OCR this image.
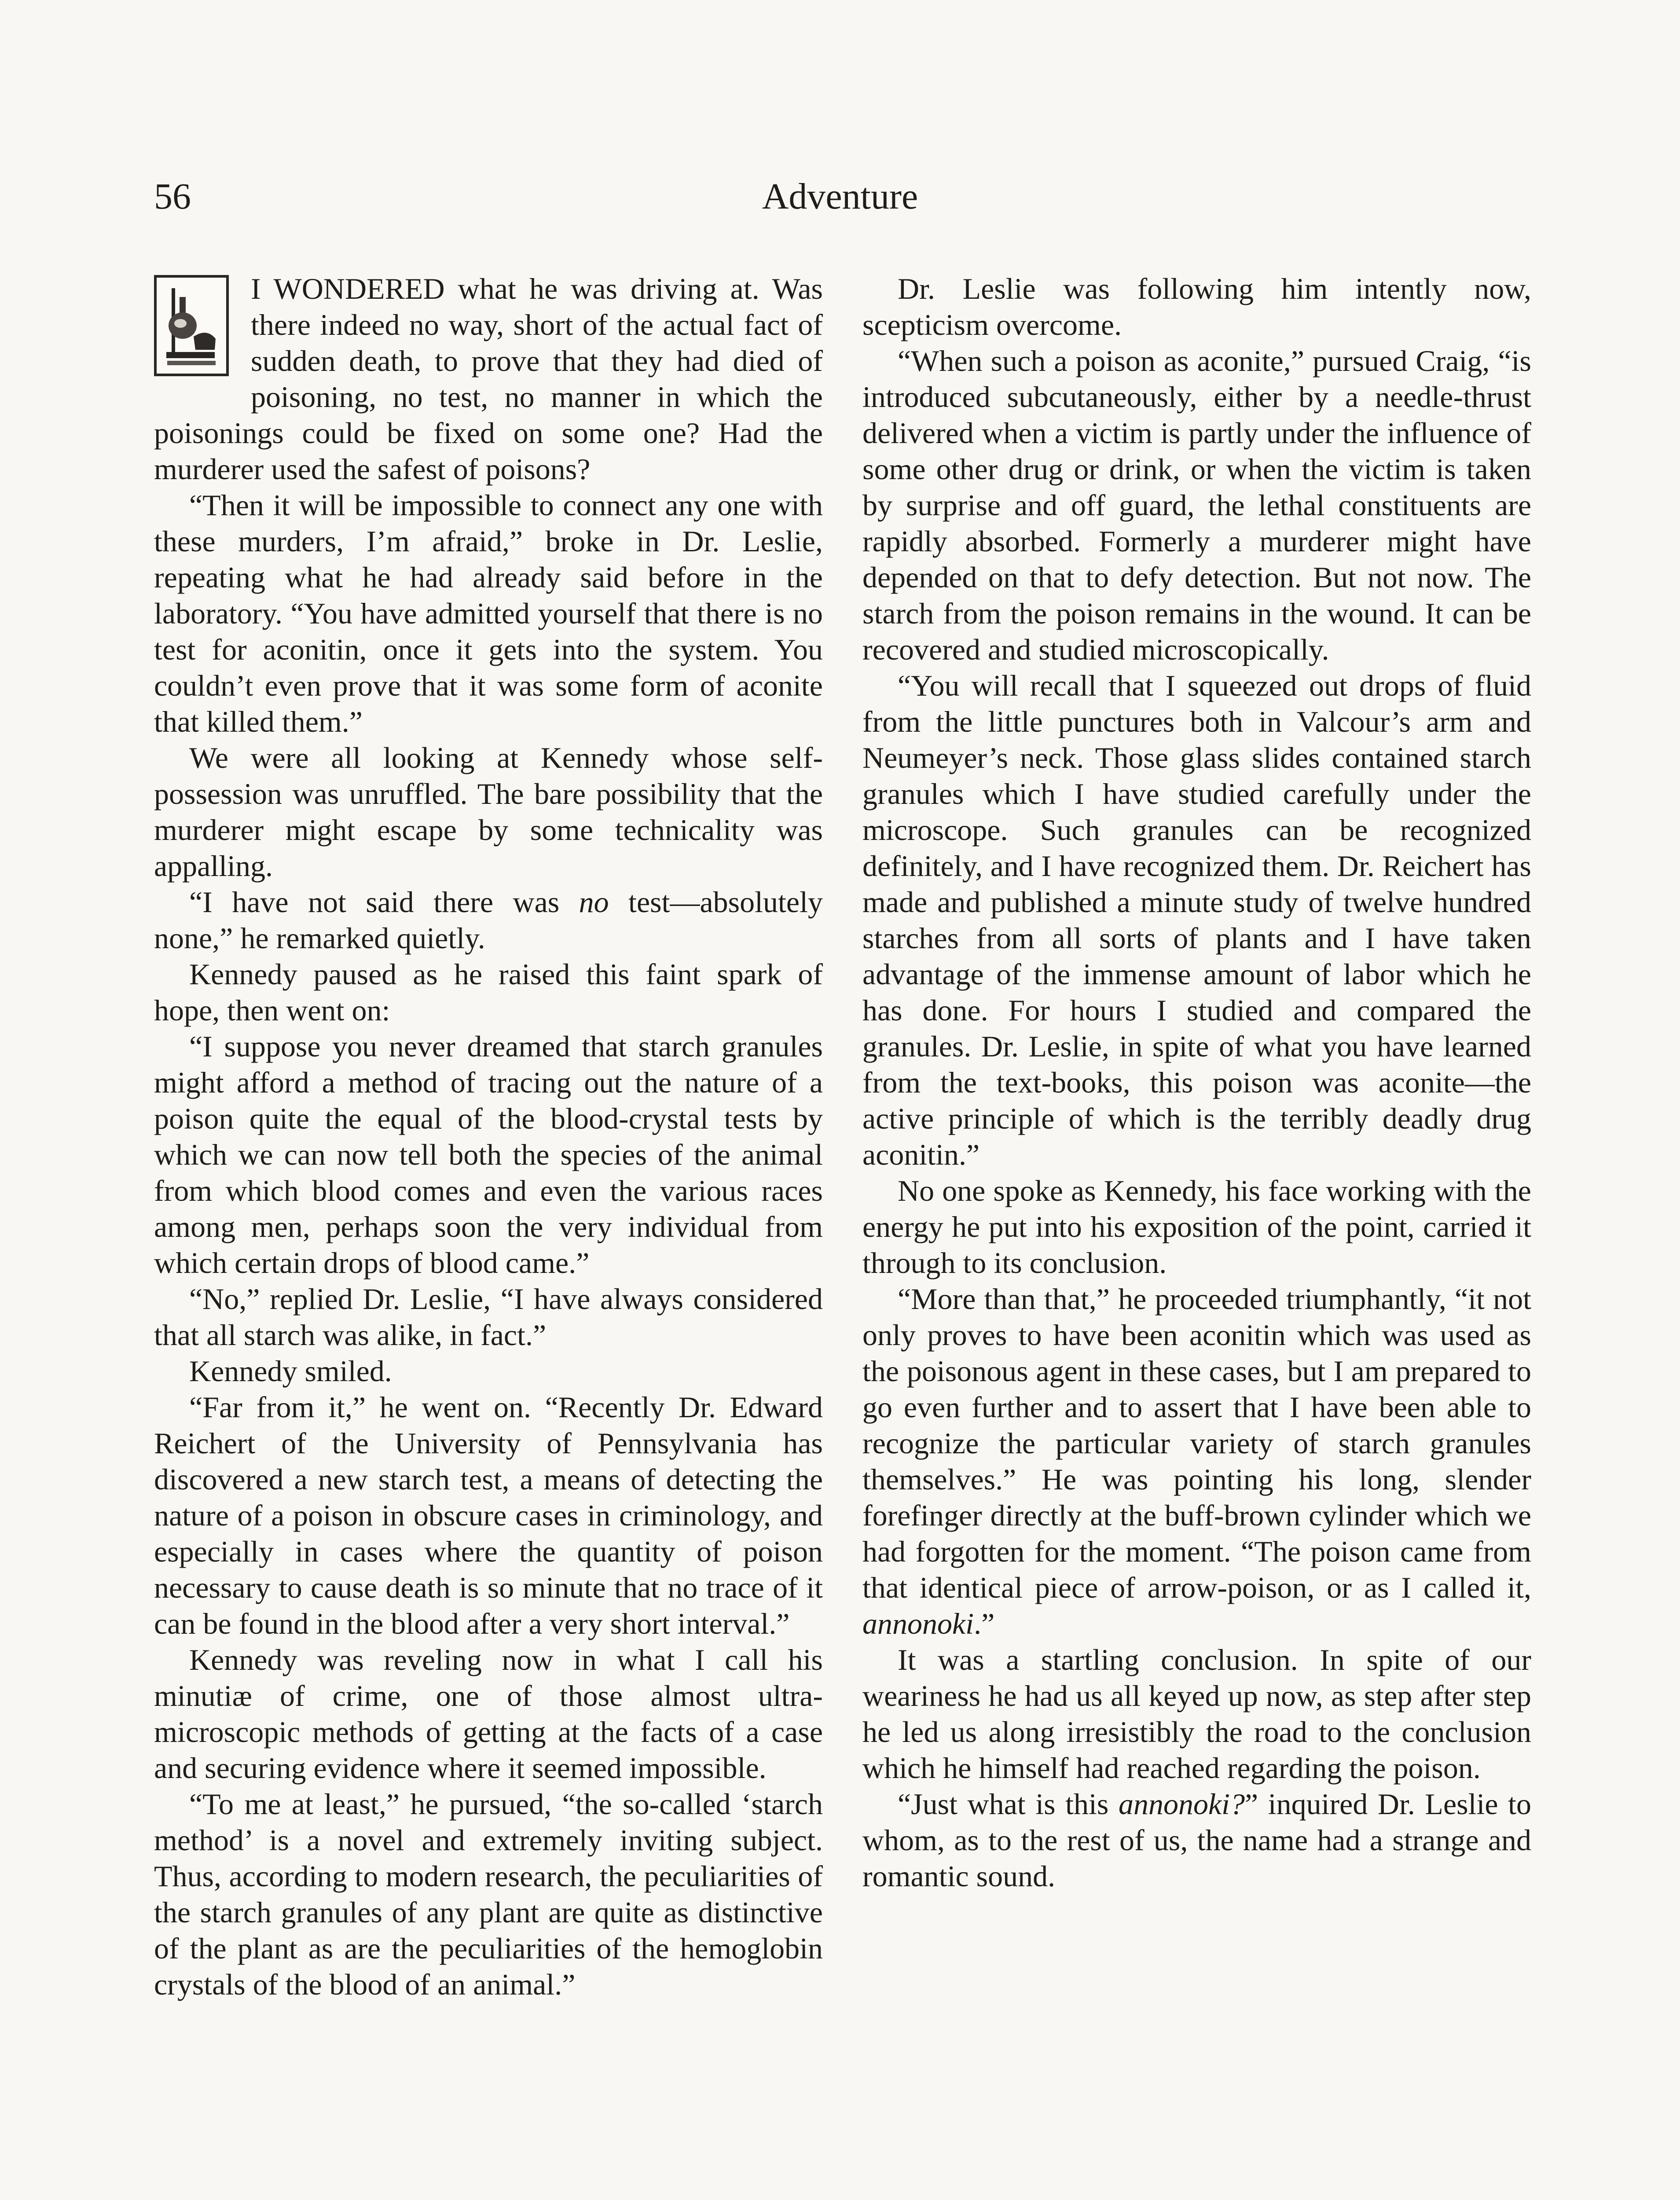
56	Adventure

I WONDERED what he was driving at. Was there indeed no way, short of the actual fact of sudden death, to prove that they had died of poisoning, no test, no manner in which the poisonings could be fixed on some one? Had the murderer used the safest of poisons?

“Then it will be impossible to connect any one with these murders, I’m afraid,” broke in Dr. Leslie, repeating what he had already said before in the laboratory. “You have admitted yourself that there is no test for aconitin, once it gets into the system. You couldn’t even prove that it was some form of aconite that killed them.”

We were all looking at Kennedy whose self-possession was unruffled. The bare possibility that the murderer might escape by some technicality was appalling.

“I have not said there was no test—absolutely none,” he remarked quietly.

Kennedy paused as he raised this faint spark of hope, then went on:

“I suppose you never dreamed that starch granules might afford a method of tracing out the nature of a poison quite the equal of the blood-crystal tests by which we can now tell both the species of the animal from which blood comes and even the various races among men, perhaps soon the very individual from which certain drops of blood came.”

“No,” replied Dr. Leslie, “I have always considered that all starch was alike, in fact.”

Kennedy smiled.

“Far from it,” he went on. “Recently Dr. Edward Reichert of the University of Pennsylvania has discovered a new starch test, a means of detecting the nature of a poison in obscure cases in criminology, and especially in cases where the quantity of poison necessary to cause death is so minute that no trace of it can be found in the blood after a very short interval.”

Kennedy was reveling now in what I call his minutiæ of crime, one of those almost ultra-microscopic methods of getting at the facts of a case and securing evidence where it seemed impossible.

“To me at least,” he pursued, “the so-called ‘starch method’ is a novel and extremely inviting subject. Thus, according to modern research, the peculiarities of the starch granules of any plant are quite as distinctive of the plant as are the peculiarities of the hemoglobin crystals of the blood of an animal.”

Dr. Leslie was following him intently now, scepticism overcome.

“When such a poison as aconite,” pursued Craig, “is introduced subcutaneously, either by a needle-thrust delivered when a victim is partly under the influence of some other drug or drink, or when the victim is taken by surprise and off guard, the lethal constituents are rapidly absorbed. Formerly a murderer might have depended on that to defy detection. But not now. The starch from the poison remains in the wound. It can be recovered and studied microscopically.

“You will recall that I squeezed out drops of fluid from the little punctures both in Valcour’s arm and Neumeyer’s neck. Those glass slides contained starch granules which I have studied carefully under the microscope. Such granules can be recognized definitely, and I have recognized them. Dr. Reichert has made and published a minute study of twelve hundred starches from all sorts of plants and I have taken advantage of the immense amount of labor which he has done. For hours I studied and compared the granules. Dr. Leslie, in spite of what you have learned from the text-books, this poison was aconite—the active principle of which is the terribly deadly drug aconitin.”

No one spoke as Kennedy, his face working with the energy he put into his exposition of the point, carried it through to its conclusion.

“More than that,” he proceeded triumphantly, “it not only proves to have been aconitin which was used as the poisonous agent in these cases, but I am prepared to go even further and to assert that I have been able to recognize the particular variety of starch granules themselves.” He was pointing his long, slender forefinger directly at the buff-brown cylinder which we had forgotten for the moment. “The poison came from that identical piece of arrow-poison, or as I called it, annonoki.”

It was a startling conclusion. In spite of our weariness he had us all keyed up now, as step after step he led us along irresistibly the road to the conclusion which he himself had reached regarding the poison.

“Just what is this annonoki?” inquired Dr. Leslie to whom, as to the rest of us, the name had a strange and romantic sound.
